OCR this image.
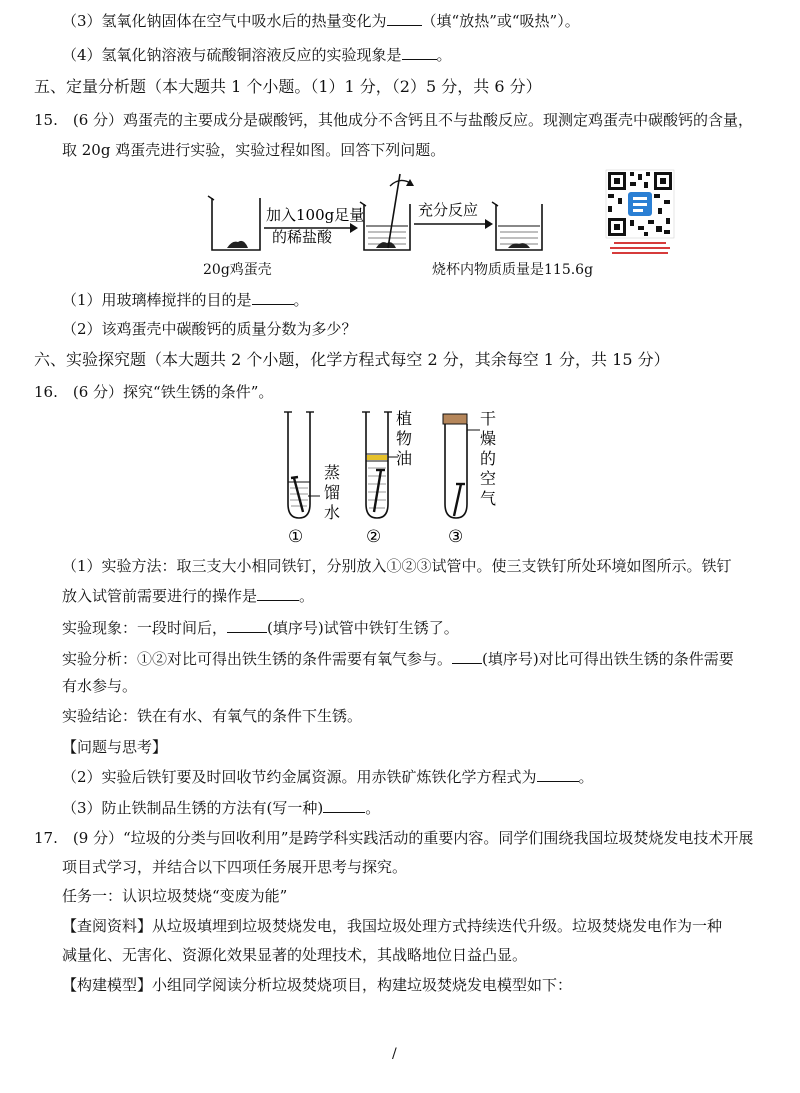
（3）氢氧化钠固体在空气中吸水后的热量变化为 （填“放热”或“吸热”）。
（4）氢氧化钠溶液与硫酸铜溶液反应的实验现象是 。
五、定量分析题（本大题共 1 个小题。（1）1 分，（2）5 分，共 6 分）
15.　(6 分）鸡蛋壳的主要成分是碳酸钙，其他成分不含钙且不与盐酸反应。现测定鸡蛋壳中碳酸钙的含量，
取 20g 鸡蛋壳进行实验，实验过程如图。回答下列问题。
加入100g足量
的稀盐酸
充分反应
20g鸡蛋壳	烧杯内物质质量是115.6g
（1）用玻璃棒搅拌的目的是	。
（2）该鸡蛋壳中碳酸钙的质量分数为多少？
六、实验探究题（本大题共 2 个小题，化学方程式每空 2 分，其余每空 1 分，共 15 分）
16.　(6 分）探究“铁生锈的条件”。
蒸
馏
水
①
植
物
油
②
干
燥
的
空
气
③
（1）实验方法：取三支大小相同铁钉，分别放入①②③试管中。使三支铁钉所处环境如图所示。铁钉
放入试管前需要进行的操作是	。
实验现象：一段时间后，	(填序号)试管中铁钉生锈了。
实验分析：①②对比可得出铁生锈的条件需要有氧气参与。 (填序号)对比可得出铁生锈的条件需要
有水参与。
实验结论：铁在有水、有氧气的条件下生锈。
【问题与思考】
（2）实验后铁钉要及时回收节约金属资源。用赤铁矿炼铁化学方程式为	。
（3）防止铁制品生锈的方法有(写一种)	。
17.　(9 分）“垃圾的分类与回收利用”是跨学科实践活动的重要内容。同学们围绕我国垃圾焚烧发电技术开展
项目式学习，并结合以下四项任务展开思考与探究。
任务一：认识垃圾焚烧“变废为能”
【查阅资料】从垃圾填埋到垃圾焚烧发电，我国垃圾处理方式持续迭代升级。垃圾焚烧发电作为一种
减量化、无害化、资源化效果显著的处理技术，其战略地位日益凸显。
【构建模型】小组同学阅读分析垃圾焚烧项目，构建垃圾焚烧发电模型如下：
/
